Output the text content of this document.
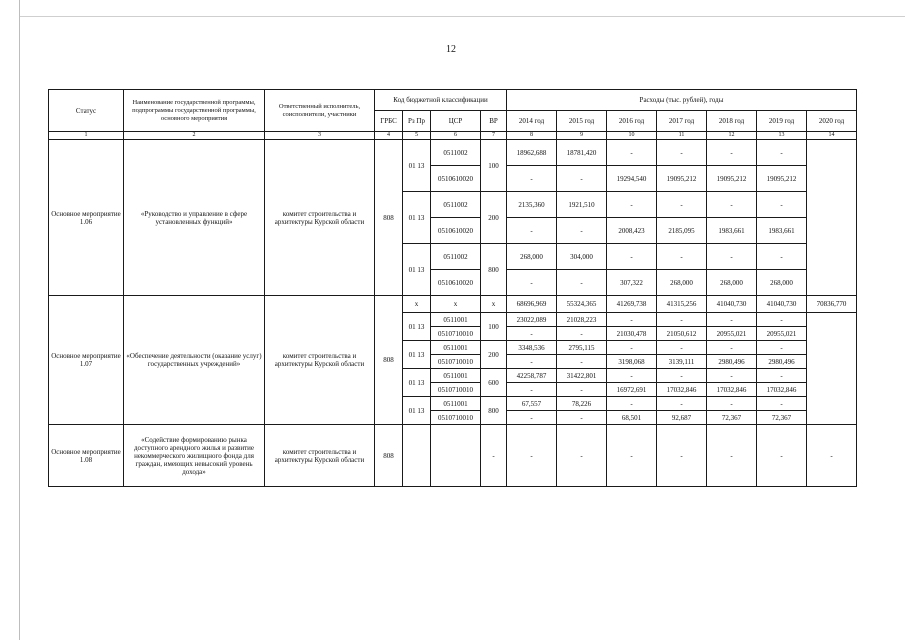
12
Статус	Наименование государственной программы, подпрограммы государственной программы, основного мероприятия	Ответственный исполнитель, соисполнители, участники	Код бюджетной классификации				Расходы (тыс. рублей), годы						
			ГРБС	Рз Пр	ЦСР	ВР	2014 год	2015 год	2016 год	2017 год	2018 год	2019 год	2020 год
1	2	3	4	5	6	7	8	9	10	11	12	13	14
Основное мероприятие 1.06	«Руководство и управление в сфере установленных функций»	комитет строительства и архитектуры Курской области	808	01 13	0511002	100	18962,688	18781,420	-	-	-	-	
					0510610020		-	-	19294,540	19095,212	19095,212	19095,212	
				01 13	0511002	200	2135,360	1921,510	-	-	-	-	
					0510610020		-	-	2008,423	2185,095	1983,661	1983,661	
				01 13	0511002	800	268,000	304,000	-	-	-	-	
					0510610020		-	-	307,322	268,000	268,000	268,000	
Основное мероприятие 1.07	«Обеспечение деятельности (оказание услуг) государственных учреждений»	комитет строительства и архитектуры Курской области	808	x	x	x	68696,969	55324,365	41269,738	41315,256	41040,730	41040,730	70836,770
				01 13	0511001	100	23022,089	21028,223	-	-	-	-	
					0510710010		-	-	21030,478	21050,612	20955,021	20955,021	
				01 13	0511001	200	3348,536	2795,115	-	-	-	-	
					0510710010		-	-	3198,068	3139,111	2980,496	2980,496	
				01 13	0511001	600	42258,787	31422,801	-	-	-	-	
					0510710010		-	-	16972,691	17032,846	17032,846	17032,846	
				01 13	0511001	800	67,557	78,226	-	-	-	-	
					0510710010		-	-	68,501	92,687	72,367	72,367	
Основное мероприятие 1.08	«Содействие формированию рынка доступного арендного жилья и развитие некоммерческого жилищного фонда для граждан, имеющих невысокий уровень дохода»	комитет строительства и архитектуры Курской области	808			-	-	-	-	-	-	-	-
